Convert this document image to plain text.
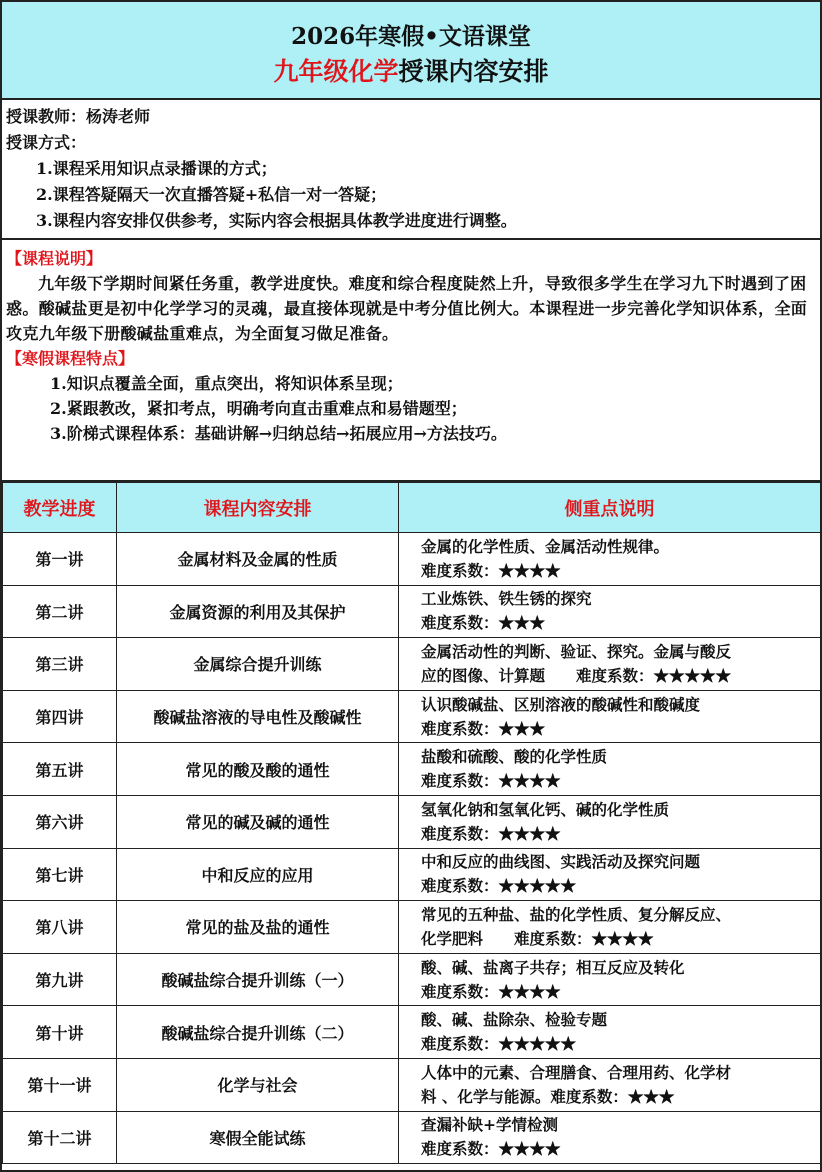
2026年寒假•文语课堂
九年级化学授课内容安排
授课教师：杨涛老师
授课方式：
1.课程采用知识点录播课的方式；
2.课程答疑隔天一次直播答疑+私信一对一答疑；
3.课程内容安排仅供参考，实际内容会根据具体教学进度进行调整。
【课程说明】
九年级下学期时间紧任务重，教学进度快。难度和综合程度陡然上升，导致很多学生在学习九下时遇到了困惑。酸碱盐更是初中化学学习的灵魂，最直接体现就是中考分值比例大。本课程进一步完善化学知识体系，全面攻克九年级下册酸碱盐重难点，为全面复习做足准备。
【寒假课程特点】
1.知识点覆盖全面，重点突出，将知识体系呈现；
2.紧跟教改，紧扣考点，明确考向直击重难点和易错题型；
3.阶梯式课程体系：基础讲解→归纳总结→拓展应用→方法技巧。
教学进度	课程内容安排	侧重点说明
第一讲	金属材料及金属的性质	金属的化学性质、金属活动性规律。
难度系数：★★★★

第二讲	金属资源的利用及其保护	工业炼铁、铁生锈的探究
难度系数：★★★

第三讲	金属综合提升训练	金属活动性的判断、验证、探究。金属与酸反
应的图像、计算题　　难度系数：★★★★★

第四讲	酸碱盐溶液的导电性及酸碱性	认识酸碱盐、区别溶液的酸碱性和酸碱度
难度系数：★★★

第五讲	常见的酸及酸的通性	盐酸和硫酸、酸的化学性质
难度系数：★★★★

第六讲	常见的碱及碱的通性	氢氧化钠和氢氧化钙、碱的化学性质
难度系数：★★★★

第七讲	中和反应的应用	中和反应的曲线图、实践活动及探究问题
难度系数：★★★★★

第八讲	常见的盐及盐的通性	常见的五种盐、盐的化学性质、复分解反应、
化学肥料　　难度系数：★★★★

第九讲	酸碱盐综合提升训练（一）	酸、碱、盐离子共存；相互反应及转化
难度系数：★★★★

第十讲	酸碱盐综合提升训练（二）	酸、碱、盐除杂、检验专题
难度系数：★★★★★

第十一讲	化学与社会	人体中的元素、合理膳食、合理用药、化学材
料 、化学与能源。难度系数：★★★

第十二讲	寒假全能试练	查漏补缺+学情检测
难度系数：★★★★
